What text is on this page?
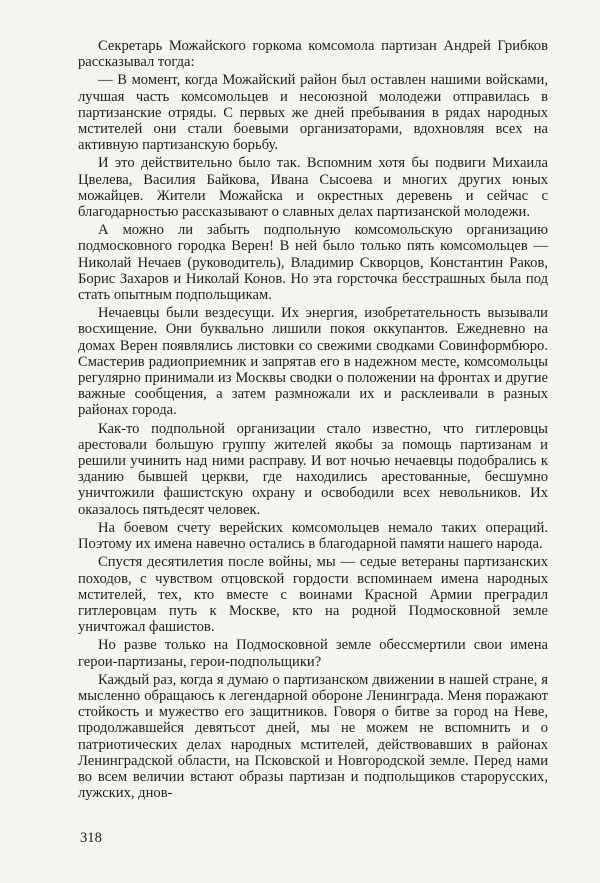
Секретарь Можайского горкома комсомола партизан Андрей Грибков рассказывал тогда:

— В момент, когда Можайский район был оставлен нашими войсками, лучшая часть комсомольцев и несоюзной молодежи отправилась в партизанские отряды. С первых же дней пребывания в рядах народных мстителей они стали боевыми организаторами, вдохновляя всех на активную партизанскую борьбу.

И это действительно было так. Вспомним хотя бы подвиги Михаила Цвелева, Василия Байкова, Ивана Сысоева и многих других юных можайцев. Жители Можайска и окрестных деревень и сейчас с благодарностью рассказывают о славных делах партизанской молодежи.

А можно ли забыть подпольную комсомольскую организацию подмосковного городка Верен! В ней было только пять комсомольцев — Николай Нечаев (руководитель), Владимир Скворцов, Константин Раков, Борис Захаров и Николай Конов. Но эта горсточка бесстрашных была под стать опытным подпольщикам.

Нечаевцы были вездесущи. Их энергия, изобретательность вызывали восхищение. Они буквально лишили покоя оккупантов. Ежедневно на домах Верен появлялись листовки со свежими сводками Совинформбюро. Смастерив радиоприемник и запрятав его в надежном месте, комсомольцы регулярно принимали из Москвы сводки о положении на фронтах и другие важные сообщения, а затем размножали их и расклеивали в разных районах города.

Как-то подпольной организации стало известно, что гитлеровцы арестовали большую группу жителей якобы за помощь партизанам и решили учинить над ними расправу. И вот ночью нечаевцы подобрались к зданию бывшей церкви, где находились арестованные, бесшумно уничтожили фашистскую охрану и освободили всех невольников. Их оказалось пятьдесят человек.

На боевом счету верейских комсомольцев немало таких операций. Поэтому их имена навечно остались в благодарной памяти нашего народа.

Спустя десятилетия после войны, мы — седые ветераны партизанских походов, с чувством отцовской гордости вспоминаем имена народных мстителей, тех, кто вместе с воинами Красной Армии преградил гитлеровцам путь к Москве, кто на родной Подмосковной земле уничтожал фашистов.

Но разве только на Подмосковной земле обессмертили свои имена герои-партизаны, герои-подпольщики?

Каждый раз, когда я думаю о партизанском движении в нашей стране, я мысленно обращаюсь к легендарной обороне Ленинграда. Меня поражают стойкость и мужество его защитников. Говоря о битве за город на Неве, продолжавшейся девятьсот дней, мы не можем не вспомнить и о патриотических делах народных мстителей, действовавших в районах Ленинградской области, на Псковской и Новгородской земле. Перед нами во всем величии встают образы партизан и подпольщиков старорусских, лужских, днов-

318
